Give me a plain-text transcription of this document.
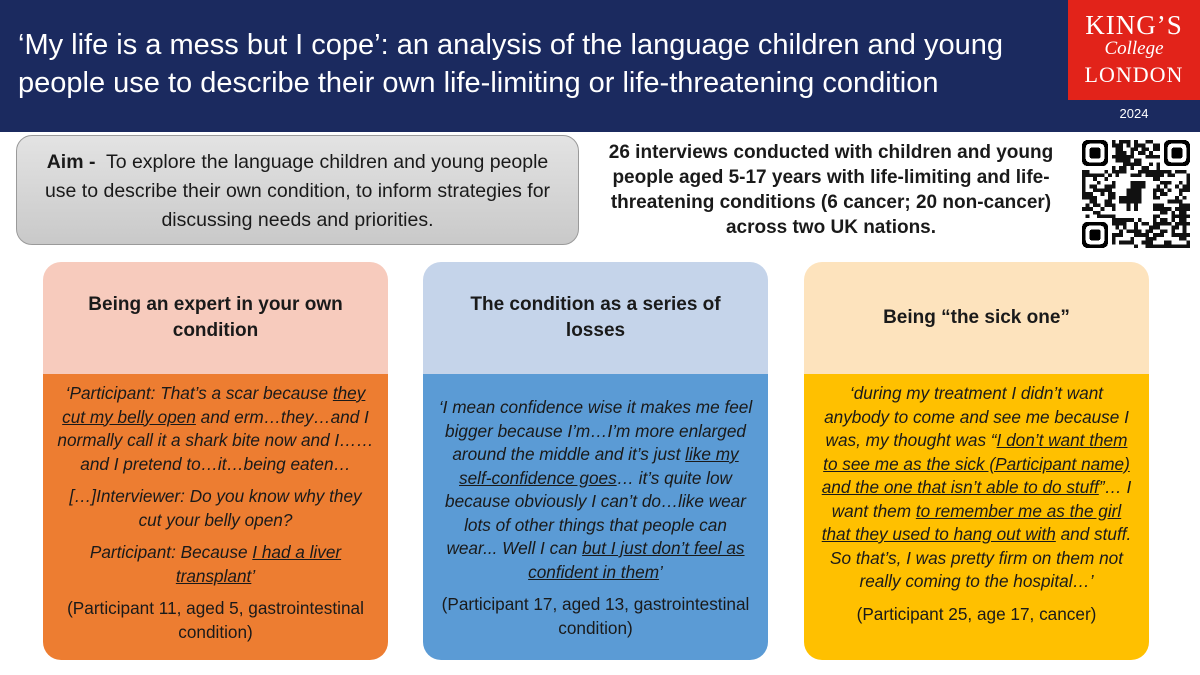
‘My life is a mess but I cope’: an analysis of the language children and young people use to describe their own life-limiting or life-threatening condition
KING’S
College
LONDON
2024
Aim - To explore the language children and young people use to describe their own condition, to inform strategies for discussing needs and priorities.
26 interviews conducted with children and young people aged 5-17 years with life-limiting and life-threatening conditions (6 cancer; 20 non-cancer) across two UK nations.
Being an expert in your own condition

‘Participant: That’s a scar because they cut my belly open and erm…they…and I normally call it a shark bite now and I……and I pretend to…it…being eaten…

[…]Interviewer: Do you know why they cut your belly open?

Participant: Because I had a liver transplant’

(Participant 11, aged 5, gastrointestinal condition)

The condition as a series of losses

‘I mean confidence wise it makes me feel bigger because I’m…I’m more enlarged around the middle and it’s just like my self-confidence goes… it’s quite low because obviously I can’t do…like wear lots of other things that people can wear... Well I can but I just don’t feel as confident in them’

(Participant 17, aged 13, gastrointestinal condition)

Being “the sick one”

‘during my treatment I didn’t want anybody to come and see me because I was, my thought was “I don’t want them to see me as the sick (Participant name) and the one that isn’t able to do stuff”… I want them to remember me as the girl that they used to hang out with and stuff. So that’s, I was pretty firm on them not really coming to the hospital…’

(Participant 25, age 17, cancer)
